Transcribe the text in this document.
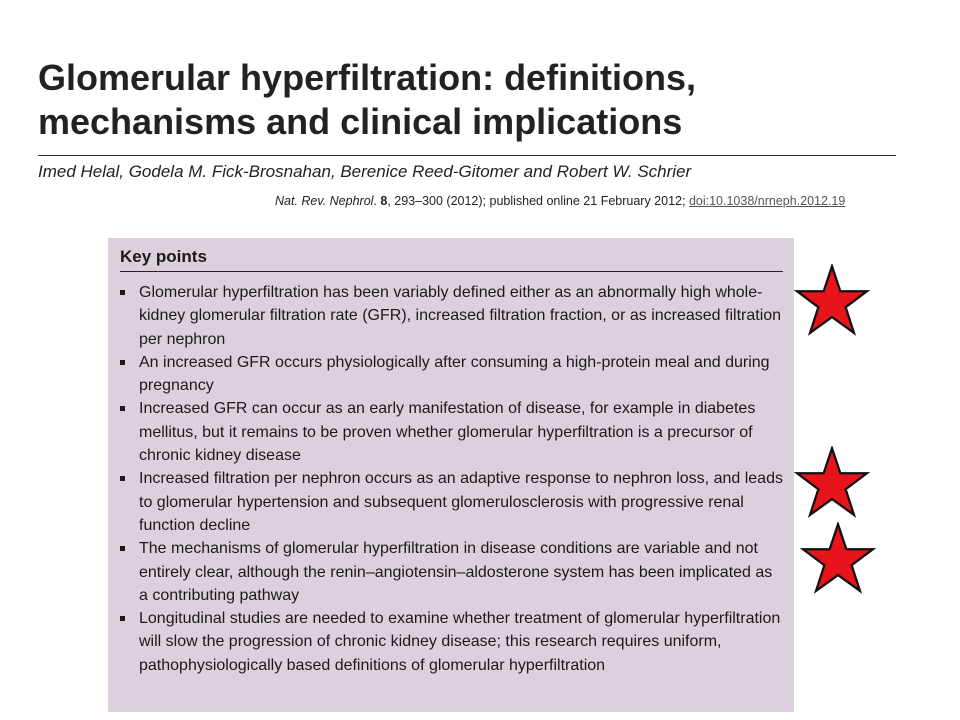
Glomerular hyperfiltration: definitions, mechanisms and clinical implications
Imed Helal, Godela M. Fick-Brosnahan, Berenice Reed-Gitomer and Robert W. Schrier
Nat. Rev. Nephrol. 8, 293–300 (2012); published online 21 February 2012; doi:10.1038/nrneph.2012.19
Key points
Glomerular hyperfiltration has been variably defined either as an abnormally high whole-kidney glomerular filtration rate (GFR), increased filtration fraction, or as increased filtration per nephron
An increased GFR occurs physiologically after consuming a high-protein meal and during pregnancy
Increased GFR can occur as an early manifestation of disease, for example in diabetes mellitus, but it remains to be proven whether glomerular hyperfiltration is a precursor of chronic kidney disease
Increased filtration per nephron occurs as an adaptive response to nephron loss, and leads to glomerular hypertension and subsequent glomerulosclerosis with progressive renal function decline
The mechanisms of glomerular hyperfiltration in disease conditions are variable and not entirely clear, although the renin–angiotensin–aldosterone system has been implicated as a contributing pathway
Longitudinal studies are needed to examine whether treatment of glomerular hyperfiltration will slow the progression of chronic kidney disease; this research requires uniform, pathophysiologically based definitions of glomerular hyperfiltration
